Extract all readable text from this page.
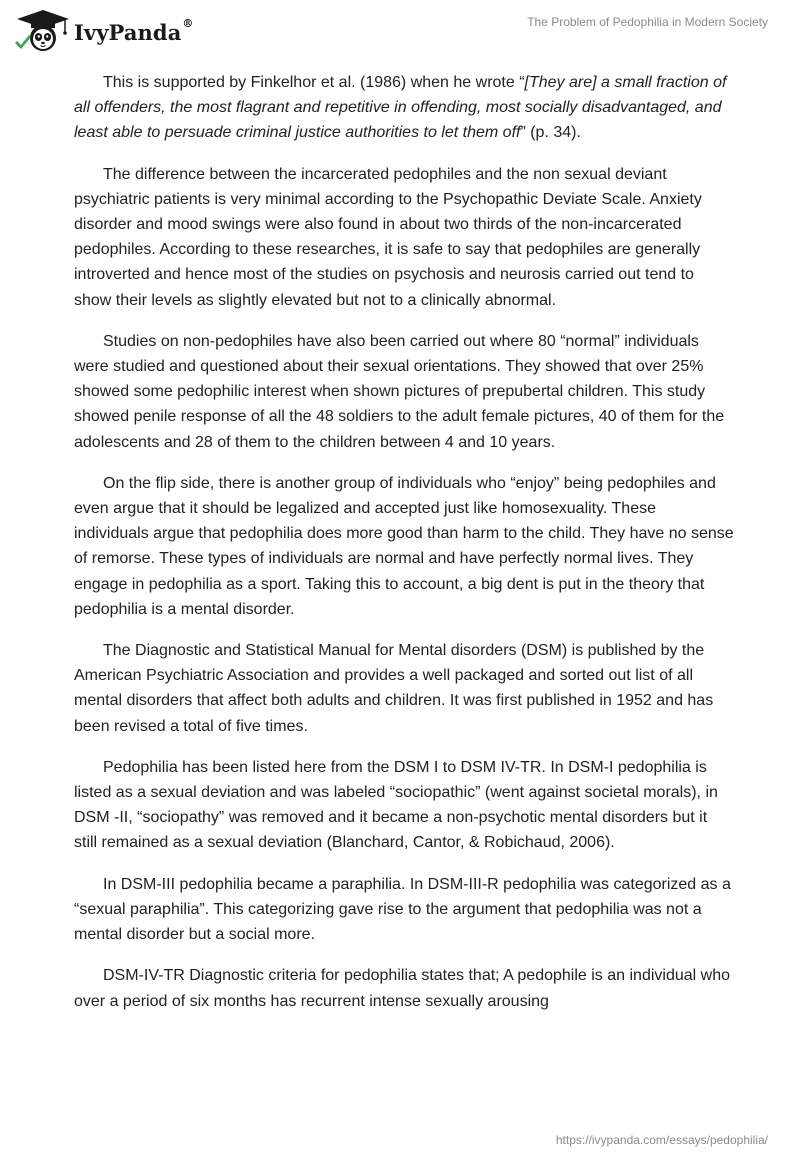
IvyPanda®	The Problem of Pedophilia in Modern Society

This is supported by Finkelhor et al. (1986) when he wrote “[They are] a small fraction of all offenders, the most flagrant and repetitive in offending, most socially disadvantaged, and least able to persuade criminal justice authorities to let them off” (p. 34).

The difference between the incarcerated pedophiles and the non sexual deviant psychiatric patients is very minimal according to the Psychopathic Deviate Scale. Anxiety disorder and mood swings were also found in about two thirds of the non-incarcerated pedophiles. According to these researches, it is safe to say that pedophiles are generally introverted and hence most of the studies on psychosis and neurosis carried out tend to show their levels as slightly elevated but not to a clinically abnormal.

Studies on non-pedophiles have also been carried out where 80 “normal” individuals were studied and questioned about their sexual orientations. They showed that over 25% showed some pedophilic interest when shown pictures of prepubertal children. This study showed penile response of all the 48 soldiers to the adult female pictures, 40 of them for the adolescents and 28 of them to the children between 4 and 10 years.

On the flip side, there is another group of individuals who “enjoy” being pedophiles and even argue that it should be legalized and accepted just like homosexuality. These individuals argue that pedophilia does more good than harm to the child. They have no sense of remorse. These types of individuals are normal and have perfectly normal lives. They engage in pedophilia as a sport. Taking this to account, a big dent is put in the theory that pedophilia is a mental disorder.

The Diagnostic and Statistical Manual for Mental disorders (DSM) is published by the American Psychiatric Association and provides a well packaged and sorted out list of all mental disorders that affect both adults and children. It was first published in 1952 and has been revised a total of five times.

Pedophilia has been listed here from the DSM I to DSM IV-TR. In DSM-I pedophilia is listed as a sexual deviation and was labeled “sociopathic” (went against societal morals), in DSM -II, “sociopathy” was removed and it became a non-psychotic mental disorders but it still remained as a sexual deviation (Blanchard, Cantor, & Robichaud, 2006).

In DSM-III pedophilia became a paraphilia. In DSM-III-R pedophilia was categorized as a “sexual paraphilia”. This categorizing gave rise to the argument that pedophilia was not a mental disorder but a social more.

DSM-IV-TR Diagnostic criteria for pedophilia states that; A pedophile is an individual who over a period of six months has recurrent intense sexually arousing

https://ivypanda.com/essays/pedophilia/
